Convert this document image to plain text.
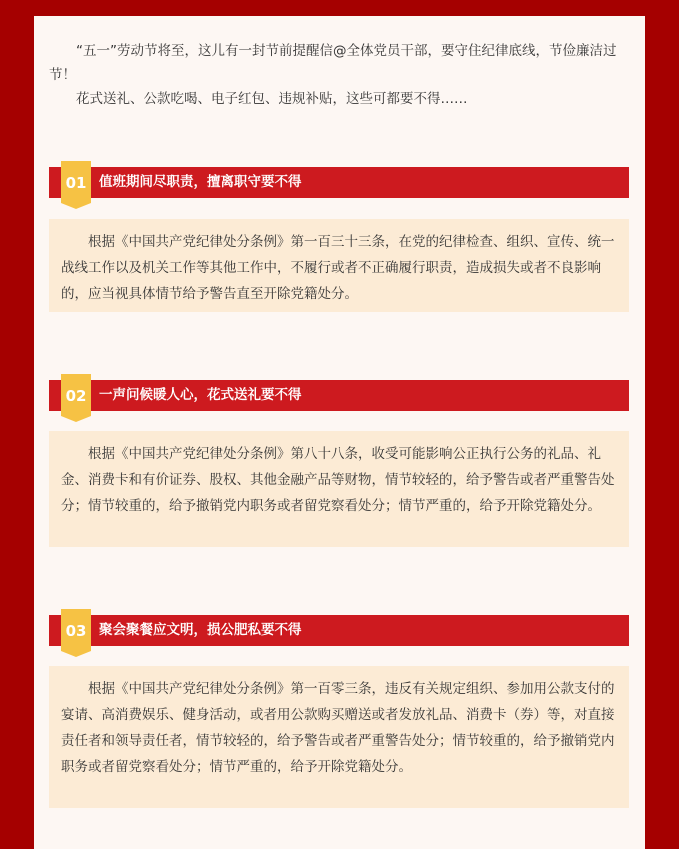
“五一”劳动节将至，这儿有一封节前提醒信@全体党员干部，要守住纪律底线，节俭廉洁过节！

花式送礼、公款吃喝、电子红包、违规补贴，这些可都要不得……

01 值班期间尽职责，擅离职守要不得

根据《中国共产党纪律处分条例》第一百三十三条，在党的纪律检查、组织、宣传、统一战线工作以及机关工作等其他工作中，不履行或者不正确履行职责，造成损失或者不良影响的，应当视具体情节给予警告直至开除党籍处分。

02 一声问候暖人心，花式送礼要不得

根据《中国共产党纪律处分条例》第八十八条，收受可能影响公正执行公务的礼品、礼金、消费卡和有价证券、股权、其他金融产品等财物，情节较轻的，给予警告或者严重警告处分；情节较重的，给予撤销党内职务或者留党察看处分；情节严重的，给予开除党籍处分。

03 聚会聚餐应文明，损公肥私要不得

根据《中国共产党纪律处分条例》第一百零三条，违反有关规定组织、参加用公款支付的宴请、高消费娱乐、健身活动，或者用公款购买赠送或者发放礼品、消费卡（券）等，对直接责任者和领导责任者，情节较轻的，给予警告或者严重警告处分；情节较重的，给予撤销党内职务或者留党察看处分；情节严重的，给予开除党籍处分。
